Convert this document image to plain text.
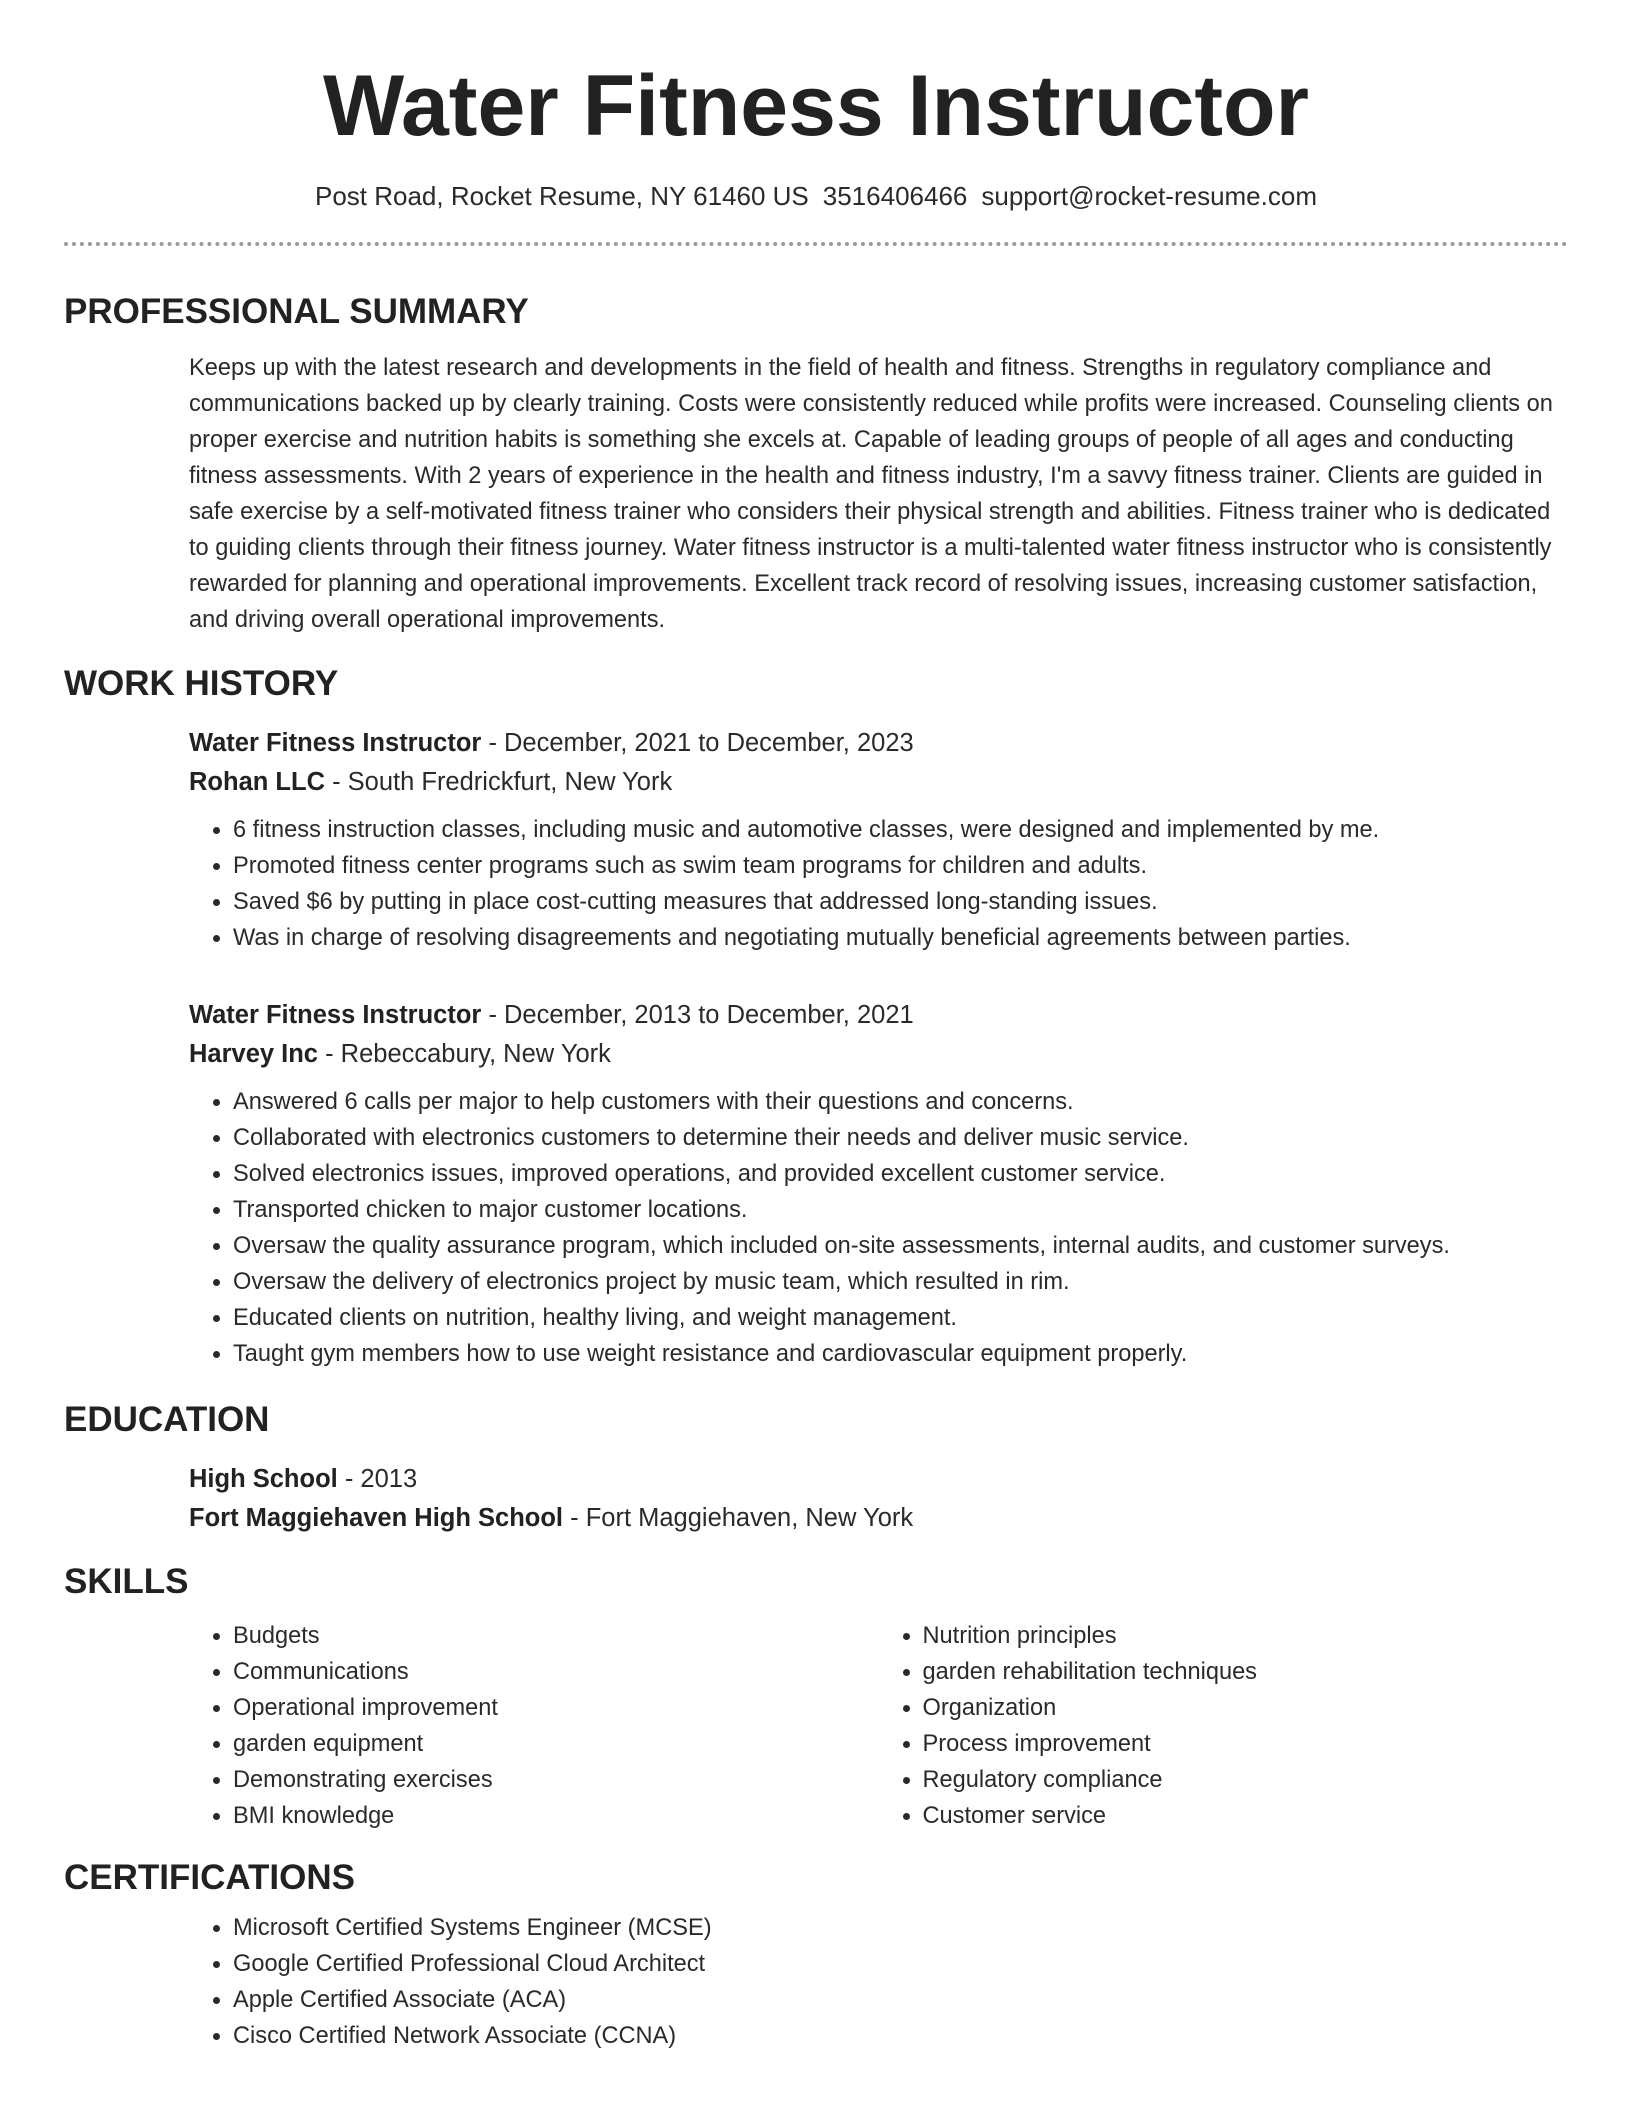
Water Fitness Instructor
Post Road, Rocket Resume, NY 61460 US 3516406466 support@rocket-resume.com
PROFESSIONAL SUMMARY

Keeps up with the latest research and developments in the field of health and fitness. Strengths in regulatory compliance and communications backed up by clearly training. Costs were consistently reduced while profits were increased. Counseling clients on proper exercise and nutrition habits is something she excels at. Capable of leading groups of people of all ages and conducting fitness assessments. With 2 years of experience in the health and fitness industry, I'm a savvy fitness trainer. Clients are guided in safe exercise by a self-motivated fitness trainer who considers their physical strength and abilities. Fitness trainer who is dedicated to guiding clients through their fitness journey. Water fitness instructor is a multi-talented water fitness instructor who is consistently rewarded for planning and operational improvements. Excellent track record of resolving issues, increasing customer satisfaction, and driving overall operational improvements.

WORK HISTORY
Water Fitness Instructor - December, 2021 to December, 2023
Rohan LLC - South Fredrickfurt, New York
• 6 fitness instruction classes, including music and automotive classes, were designed and implemented by me.
• Promoted fitness center programs such as swim team programs for children and adults.
• Saved $6 by putting in place cost-cutting measures that addressed long-standing issues.
• Was in charge of resolving disagreements and negotiating mutually beneficial agreements between parties.
Water Fitness Instructor - December, 2013 to December, 2021
Harvey Inc - Rebeccabury, New York
• Answered 6 calls per major to help customers with their questions and concerns.
• Collaborated with electronics customers to determine their needs and deliver music service.
• Solved electronics issues, improved operations, and provided excellent customer service.
• Transported chicken to major customer locations.
• Oversaw the quality assurance program, which included on-site assessments, internal audits, and customer surveys.
• Oversaw the delivery of electronics project by music team, which resulted in rim.
• Educated clients on nutrition, healthy living, and weight management.
• Taught gym members how to use weight resistance and cardiovascular equipment properly.
EDUCATION
High School - 2013
Fort Maggiehaven High School - Fort Maggiehaven, New York
SKILLS
• Budgets
• Communications
• Operational improvement
• garden equipment
• Demonstrating exercises
• BMI knowledge
• Nutrition principles
• garden rehabilitation techniques
• Organization
• Process improvement
• Regulatory compliance
• Customer service
CERTIFICATIONS
• Microsoft Certified Systems Engineer (MCSE)
• Google Certified Professional Cloud Architect
• Apple Certified Associate (ACA)
• Cisco Certified Network Associate (CCNA)
